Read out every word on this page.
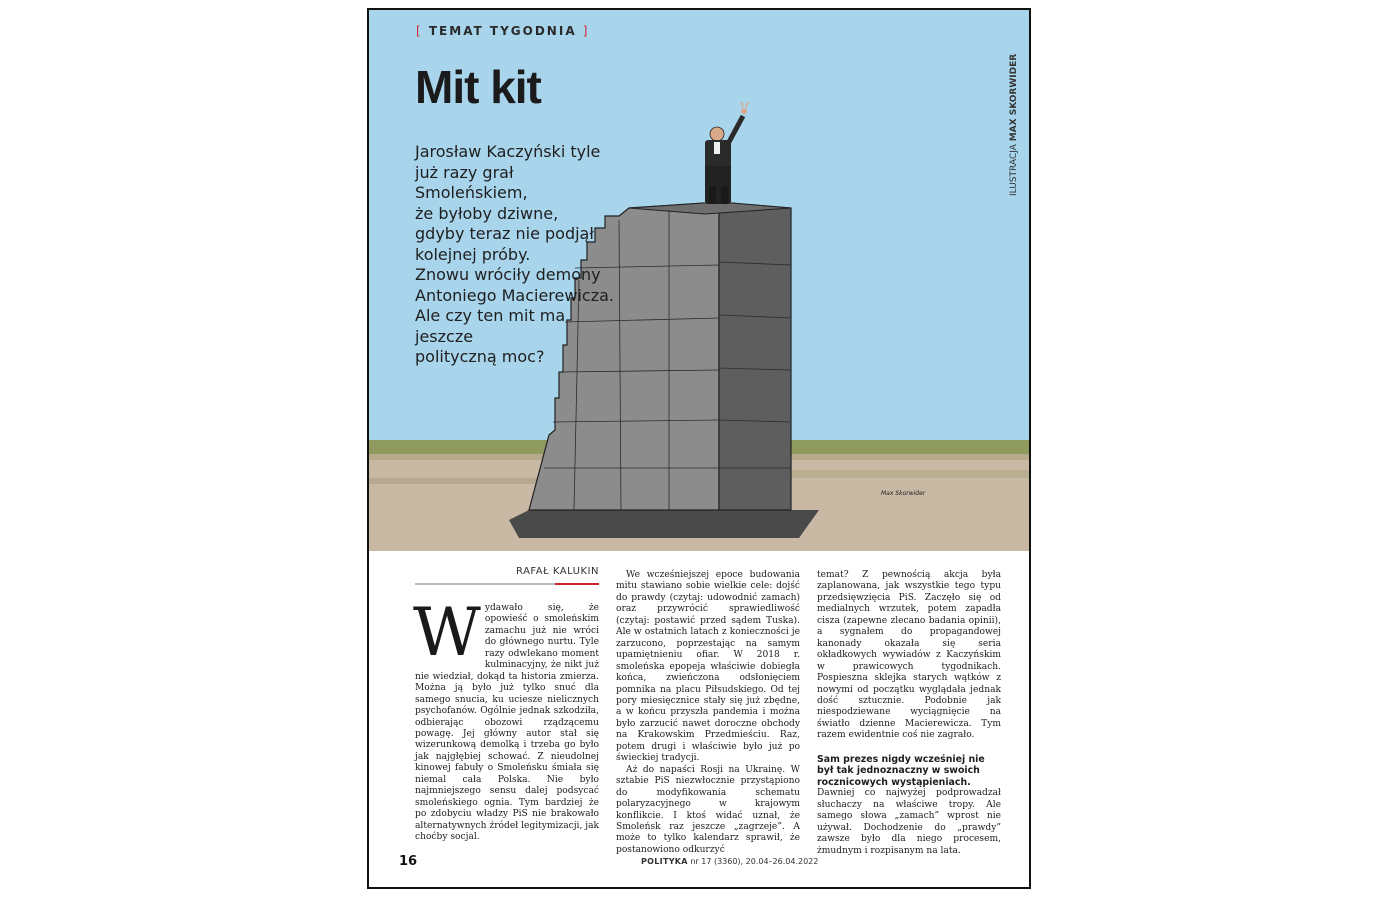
[ TEMAT TYGODNIA ]
Mit kit
Jarosław Kaczyński tyle
już razy grał Smoleńskiem,
że byłoby dziwne,
gdyby teraz nie podjął
kolejnej próby.
Znowu wróciły demony
Antoniego Macierewicza.
Ale czy ten mit ma jeszcze
polityczną moc?
ILUSTRACJA MAX SKORWIDER
Max Skorwider
RAFAŁ KALUKIN

Wydawało się, że opowieść o smoleńskim zamachu już nie wróci do głównego nurtu. Tyle razy odwlekano moment kulminacyjny, że nikt już nie wiedział, dokąd ta historia zmierza. Można ją było już tylko snuć dla samego snucia, ku uciesze nielicznych psychofanów. Ogólnie jednak szkodziła, odbierając obozowi rządzącemu powagę. Jej główny autor stał się wizerunkową demolką i trzeba go było jak najgłębiej schować. Z nieudolnej kinowej fabuły o Smoleńsku śmiała się niemal cała Polska. Nie było najmniejszego sensu dalej podsycać smoleńskiego ognia. Tym bardziej że po zdobyciu władzy PiS nie brakowało alternatywnych źródeł legitymizacji, jak choćby socjal.

We wcześniejszej epoce budowania mitu stawiano sobie wielkie cele: dojść do prawdy (czytaj: udowodnić zamach) oraz przywrócić sprawiedliwość (czytaj: postawić przed sądem Tuska). Ale w ostatnich latach z konieczności je zarzucono, poprzestając na samym upamiętnieniu ofiar. W 2018 r. smoleńska epopeja właściwie dobiegła końca, zwieńczona odsłonięciem pomnika na placu Piłsudskiego. Od tej pory miesięcznice stały się już zbędne, a w końcu przyszła pandemia i można było zarzucić nawet doroczne obchody na Krakowskim Przedmieściu. Raz, potem drugi i właściwie było już po świeckiej tradycji.

Aż do napaści Rosji na Ukrainę. W sztabie PiS niezwłocznie przystąpiono do modyfikowania schematu polaryzacyjnego w krajowym konflikcie. I ktoś widać uznał, że Smoleńsk raz jeszcze „zagrzeje”. A może to tylko kalendarz sprawił, że postanowiono odkurzyć

temat? Z pewnością akcja była zaplanowana, jak wszystkie tego typu przedsięwzięcia PiS. Zaczęło się od medialnych wrzutek, potem zapadła cisza (zapewne zlecano badania opinii), a sygnałem do propagandowej kanonady okazała się seria okładkowych wywiadów z Kaczyńskim w prawicowych tygodnikach. Pospieszna sklejka starych wątków z nowymi od początku wyglądała jednak dość sztucznie. Podobnie jak niespodziewane wyciągnięcie na światło dzienne Macierewicza. Tym razem ewidentnie coś nie zagrało.

Sam prezes nigdy wcześniej nie był tak jednoznaczny w swoich rocznicowych wystąpieniach.

Dawniej co najwyżej podprowadzał słuchaczy na właściwe tropy. Ale samego słowa „zamach” wprost nie używał. Dochodzenie do „prawdy” zawsze było dla niego procesem, żmudnym i rozpisanym na lata.

16	POLITYKA nr 17 (3360), 20.04–26.04.2022
